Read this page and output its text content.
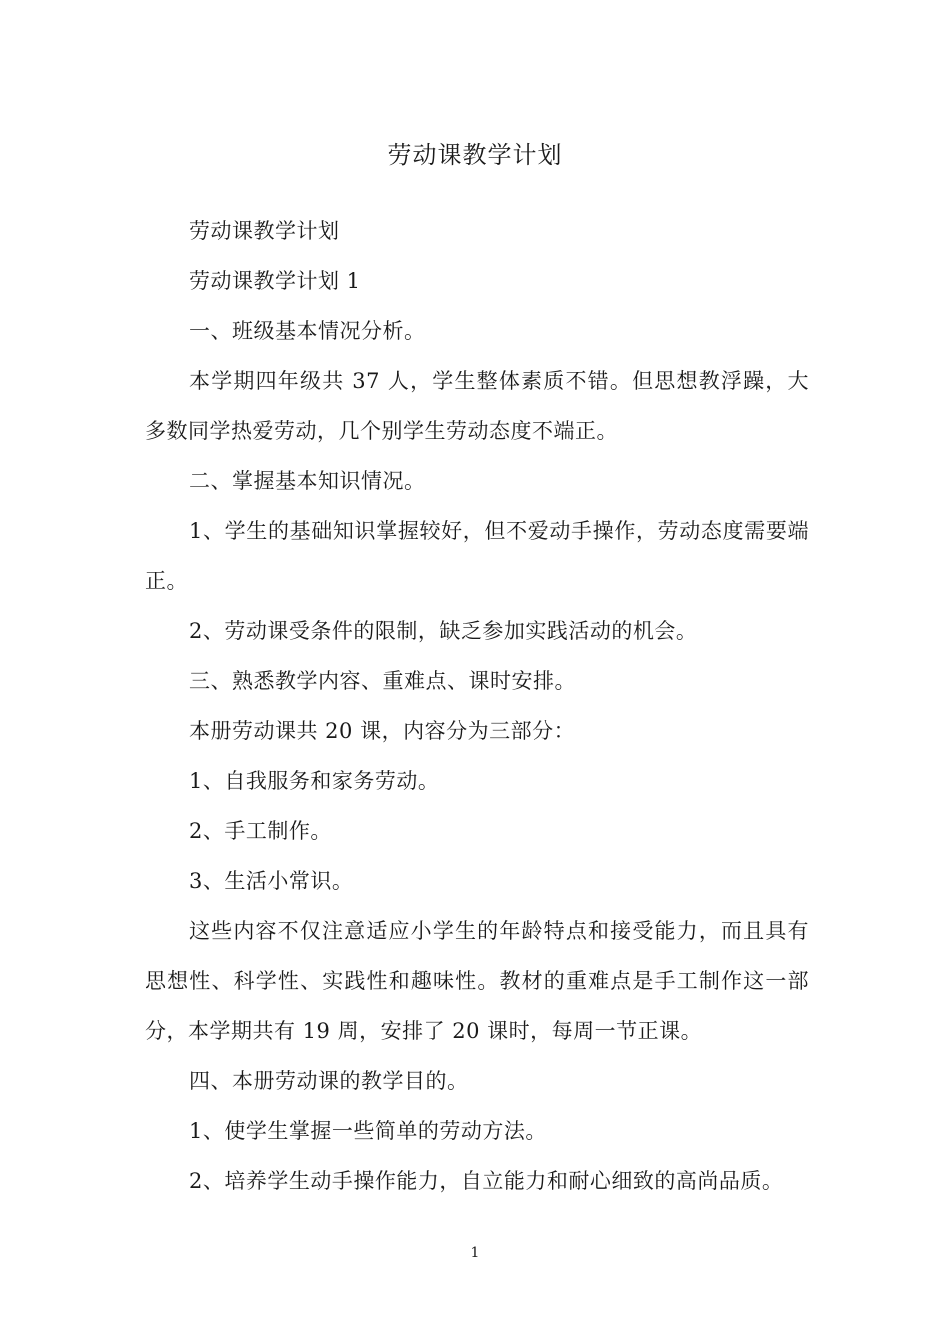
劳动课教学计划

劳动课教学计划

劳动课教学计划 1

一、班级基本情况分析。

本学期四年级共 37 人，学生整体素质不错。但思想教浮躁，大多数同学热爱劳动，几个别学生劳动态度不端正。

二、掌握基本知识情况。

1、学生的基础知识掌握较好，但不爱动手操作，劳动态度需要端正。

2、劳动课受条件的限制，缺乏参加实践活动的机会。

三、熟悉教学内容、重难点、课时安排。

本册劳动课共 20 课，内容分为三部分：

1、自我服务和家务劳动。

2、手工制作。

3、生活小常识。

这些内容不仅注意适应小学生的年龄特点和接受能力，而且具有思想性、科学性、实践性和趣味性。教材的重难点是手工制作这一部分，本学期共有 19 周，安排了 20 课时，每周一节正课。

四、本册劳动课的教学目的。

1、使学生掌握一些简单的劳动方法。

2、培养学生动手操作能力，自立能力和耐心细致的高尚品质。

1
